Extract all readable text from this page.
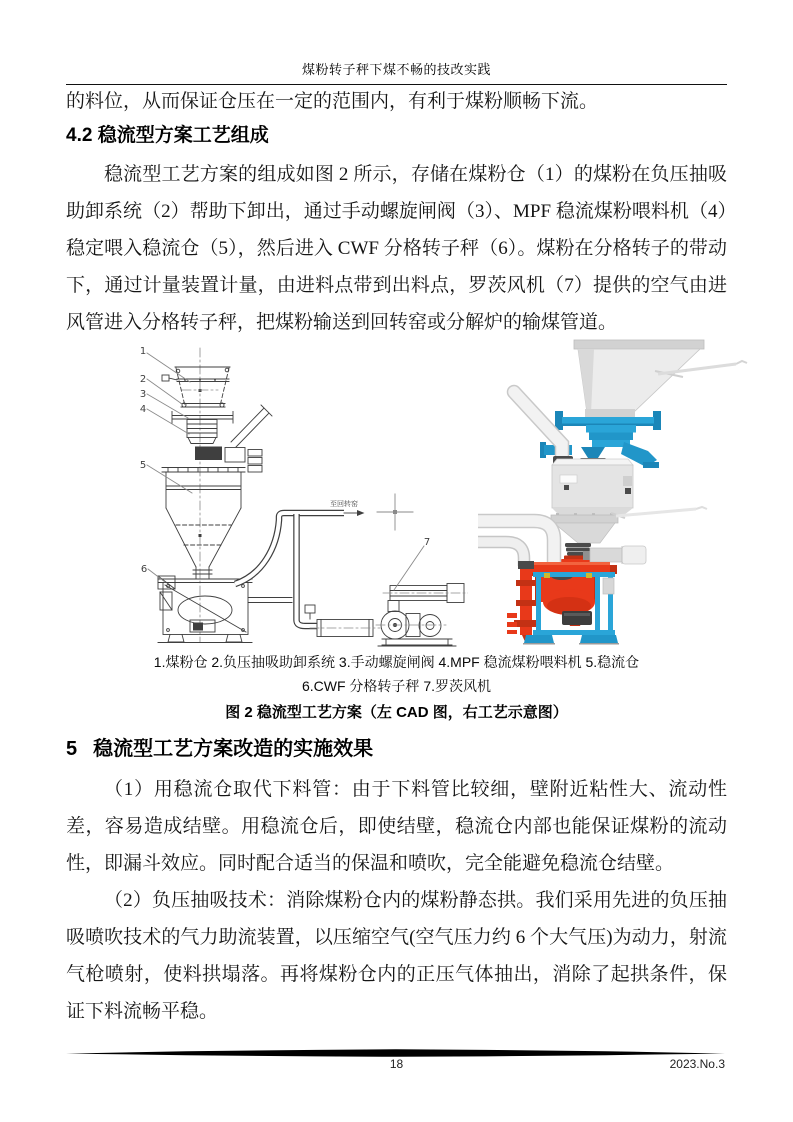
煤粉转子秤下煤不畅的技改实践

的料位，从而保证仓压在一定的范围内，有利于煤粉顺畅下流。

4.2 稳流型方案工艺组成

稳流型工艺方案的组成如图 2 所示，存储在煤粉仓（1）的煤粉在负压抽吸助卸系统（2）帮助下卸出，通过手动螺旋闸阀（3）、MPF 稳流煤粉喂料机（4）稳定喂入稳流仓（5），然后进入 CWF 分格转子秤（6）。煤粉在分格转子的带动下，通过计量装置计量，由进料点带到出料点，罗茨风机（7）提供的空气由进风管进入分格转子秤，把煤粉输送到回转窑或分解炉的输煤管道。

至回转窑
1
2
3
4
5
6
7
1.煤粉仓 2.负压抽吸助卸系统 3.手动螺旋闸阀 4.MPF 稳流煤粉喂料机 5.稳流仓
6.CWF 分格转子秤 7.罗茨风机
图 2 稳流型工艺方案（左 CAD 图，右工艺示意图）
5 稳流型工艺方案改造的实施效果

（1）用稳流仓取代下料管：由于下料管比较细，壁附近粘性大、流动性差，容易造成结壁。用稳流仓后，即使结壁，稳流仓内部也能保证煤粉的流动性，即漏斗效应。同时配合适当的保温和喷吹，完全能避免稳流仓结壁。

（2）负压抽吸技术：消除煤粉仓内的煤粉静态拱。我们采用先进的负压抽吸喷吹技术的气力助流装置，以压缩空气(空气压力约 6 个大气压)为动力，射流气枪喷射，使料拱塌落。再将煤粉仓内的正压气体抽出，消除了起拱条件，保证下料流畅平稳。

18	2023.No.3
